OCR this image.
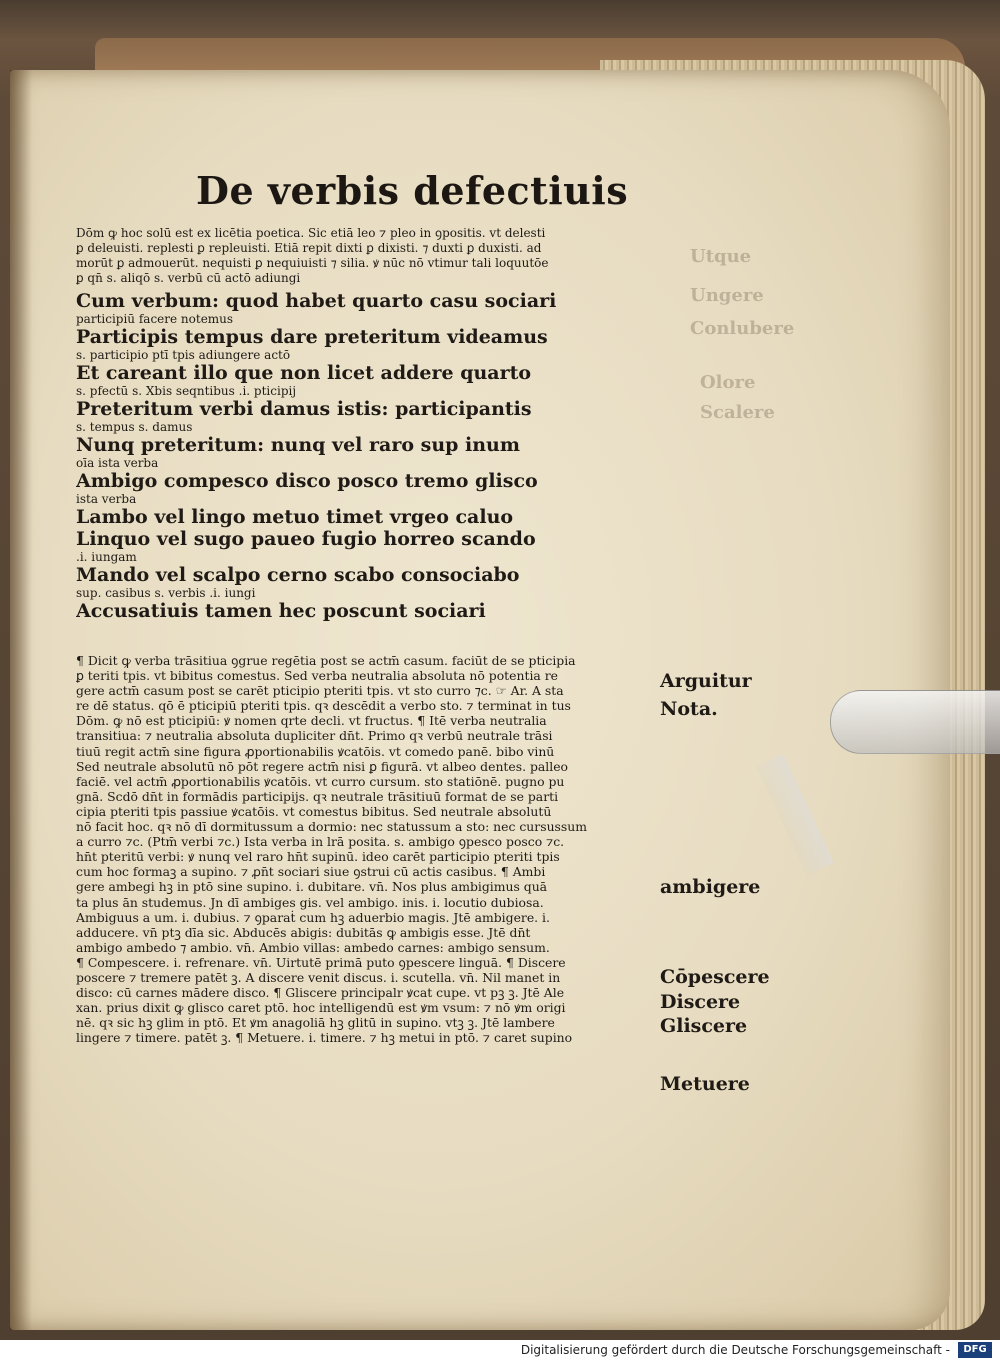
Utque
Ungere
Conlubere
Olore
Scalere
De verbis defectiuis
Dōm ꝙ hoc solū est ex licētia poetica. Sic etiā leo ⁊ pleo in ꝯpositis. vt delesti
ꝑ deleuisti. replesti ꝑ repleuisti. Etiā repit dixti ꝑ dixisti. ⁊ duxti ꝑ duxisti. ad
morūt ꝑ admouerūt. nequisti ꝑ nequiuisti ⁊ silia. ꝟ nūc nō vtimur tali loquutōe
ꝑ qn̄ s. aliqō s. verbū cū actō adiungi
Cum verbum: quod habet quarto casu sociari
participiū facere notemus
Participis tempus dare preteritum videamus
s. participio ptī tpis adiungere actō
Et careant illo que non licet addere quarto
s. pfectū s. Xbis seqntibus .i. pticipij
Preteritum verbi damus istis: participantis
s. tempus s. damus
Nunq preteritum: nunq vel raro sup inum
oīa ista verba
Ambigo compesco disco posco tremo glisco
ista verba
Lambo vel lingo metuo timet vrgeo caluo
Linquo vel sugo paueo fugio horreo scando
.i. iungam
Mando vel scalpo cerno scabo consociabo
sup. casibus s. verbis .i. iungi
Accusatiuis tamen hec poscunt sociari
¶ Dicit ꝙ verba trāsitiua ꝯgrue regētia post se actm̄ casum. faciūt de se pticipia
ꝑ teriti tpis. vt bibitus comestus. Sed verba neutralia absoluta nō potentia re
gere actm̄ casum post se carēt pticipio pteriti tpis. vt sto curro ⁊c. ☞ Ar. A sta
re dē status. qō ē pticipiū pteriti tpis. qꝛ descēdit a verbo sto. ⁊ terminat in tus
Dōm. ꝙ nō est pticipiū: ꝟ nomen qrte decli. vt fructus. ¶ Itē verba neutralia
transitiua: ⁊ neutralia absoluta dupliciter dn̄t. Primo qꝛ verbū neutrale trāsi
tiuū regit actm̄ sine figura ꝓportionabilis ꝟcatōis. vt comedo panē. bibo vinū
Sed neutrale absolutū nō pōt regere actm̄ nisi ꝑ figurā. vt albeo dentes. palleo
faciē. vel actm̄ ꝓportionabilis ꝟcatōis. vt curro cursum. sto statiōnē. pugno pu
gnā. Scdō dn̄t in formādis participijs. qꝛ neutrale trāsitiuū format de se parti
cipia pteriti tpis passiue ꝟcatōis. vt comestus bibitus. Sed neutrale absolutū
nō facit hoc. qꝛ nō dī dormitussum a dormio: nec statussum a sto: nec cursussum
a curro ⁊c. (Ptm̄ verbi ⁊c.) Ista verba in lrā posita. s. ambigo ꝯpesco posco ⁊c.
hn̄t pteritū verbi: ꝟ nunq vel raro hn̄t supinū. ideo carēt participio pteriti tpis
cum hoc formaꝫ a supino. ⁊ ꝓn̄t sociari siue ꝯstrui cū actis casibus. ¶ Ambi
gere ambegi hꝫ in ptō sine supino. i. dubitare. vn̄. Nos plus ambigimus quā
ta plus ān studemus. Jn dī ambiges gis. vel ambigo. inis. i. locutio dubiosa.
Ambiguus a um. i. dubius. ⁊ ꝯparaṫ cum hꝫ aduerbio magis. Jtē ambigere. i.
adducere. vn̄ ptꝫ dīa sic. Abducēs abigis: dubitās ꝙ ambigis esse. Jtē dn̄t
ambigo ambedo ⁊ ambio. vn̄. Ambio villas: ambedo carnes: ambigo sensum.
¶ Compescere. i. refrenare. vn̄. Uirtutē primā puto ꝯpescere linguā. ¶ Discere
poscere ⁊ tremere patēt ꝫ. A discere venit discus. i. scutella. vn̄. Nil manet in
disco: cū carnes mādere disco. ¶ Gliscere principalr ꝟcat cupe. vt pꝫ ꝫ. Jtē Ale
xan. prius dixit ꝙ glisco caret ptō. hoc intelligendū est ꝟm vsum: ⁊ nō ꝟm origi
nē. qꝛ sic hꝫ glim in ptō. Et ꝟm anagoliā hꝫ glitū in supino. vtꝫ ꝫ. Jtē lambere
lingere ⁊ timere. patēt ꝫ. ¶ Metuere. i. timere. ⁊ hꝫ metui in ptō. ⁊ caret supino
Arguitur
Nota.
ambigere
Cōpescere
Discere
Gliscere
Metuere
Digitalisierung gefördert durch die Deutsche Forschungsgemeinschaft -	DFG
